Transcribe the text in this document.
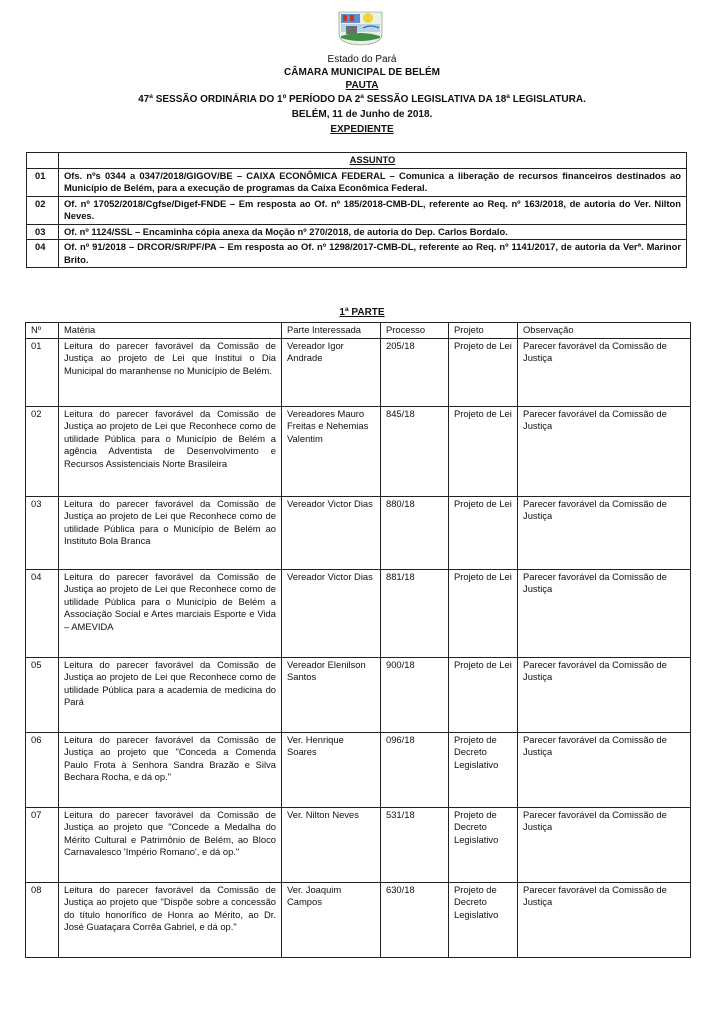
Estado do Pará
CÂMARA MUNICIPAL DE BELÉM
PAUTA
47ª SESSÃO ORDINÁRIA DO 1º PERÍODO DA 2ª SESSÃO LEGISLATIVA DA 18ª LEGISLATURA.
BELÉM, 11 de Junho de 2018.
EXPEDIENTE
	ASSUNTO
01	Ofs. nºs 0344 a 0347/2018/GIGOV/BE – CAIXA ECONÔMICA FEDERAL – Comunica a liberação de recursos financeiros destinados ao Município de Belém, para a execução de programas da Caixa Econômica Federal.
02	Of. nº 17052/2018/Cgfse/Digef-FNDE – Em resposta ao Of. nº 185/2018-CMB-DL, referente ao Req. nº 163/2018, de autoria do Ver. Nilton Neves.
03	Of. nº 1124/SSL – Encaminha cópia anexa da Moção nº 270/2018, de autoria do Dep. Carlos Bordalo.
04	Of. nº 91/2018 – DRCOR/SR/PF/PA – Em resposta ao Of. nº 1298/2017-CMB-DL, referente ao Req. nº 1141/2017, de autoria da Verª. Marinor Brito.
1ª PARTE
Nº	Matéria	Parte Interessada	Processo	Projeto	Observação
01	Leitura do parecer favorável da Comissão de Justiça ao projeto de Lei que Institui o Dia Municipal do maranhense no Município de Belém.	Vereador Igor Andrade	205/18	Projeto de Lei	Parecer favorável da Comissão de Justiça
02	Leitura do parecer favorável da Comissão de Justiça ao projeto de Lei que Reconhece como de utilidade Pública para o Município de Belém a agência Adventista de Desenvolvimento e Recursos Assistenciais Norte Brasileira	Vereadores Mauro Freitas e Nehemias Valentim	845/18	Projeto de Lei	Parecer favorável da Comissão de Justiça
03	Leitura do parecer favorável da Comissão de Justiça ao projeto de Lei que Reconhece como de utilidade Pública para o Município de Belém ao Instituto Bola Branca	Vereador Victor Dias	880/18	Projeto de Lei	Parecer favorável da Comissão de Justiça
04	Leitura do parecer favorável da Comissão de Justiça ao projeto de Lei que Reconhece como de utilidade Pública para o Município de Belém a Associação Social e Artes marciais Esporte e Vida – AMEVIDA	Vereador Victor Dias	881/18	Projeto de Lei	Parecer favorável da Comissão de Justiça
05	Leitura do parecer favorável da Comissão de Justiça ao projeto de Lei que Reconhece como de utilidade Pública para a academia de medicina do Pará	Vereador Elenilson Santos	900/18	Projeto de Lei	Parecer favorável da Comissão de Justiça
06	Leitura do parecer favorável da Comissão de Justiça ao projeto que "Conceda a Comenda Paulo Frota à Senhora Sandra Brazão e Silva Bechara Rocha, e dá op."	Ver. Henrique Soares	096/18	Projeto de Decreto Legislativo	Parecer favorável da Comissão de Justiça
07	Leitura do parecer favorável da Comissão de Justiça ao projeto que "Concede a Medalha do Mérito Cultural e Patrimônio de Belém, ao Bloco Carnavalesco 'Império Romano', e dá op."	Ver. Nilton Neves	531/18	Projeto de Decreto Legislativo	Parecer favorável da Comissão de Justiça
08	Leitura do parecer favorável da Comissão de Justiça ao projeto que "Dispõe sobre a concessão do título honorífico de Honra ao Mérito, ao Dr. José Guataçara Corrêa Gabriel, e dá op."	Ver. Joaquim Campos	630/18	Projeto de Decreto Legislativo	Parecer favorável da Comissão de Justiça
